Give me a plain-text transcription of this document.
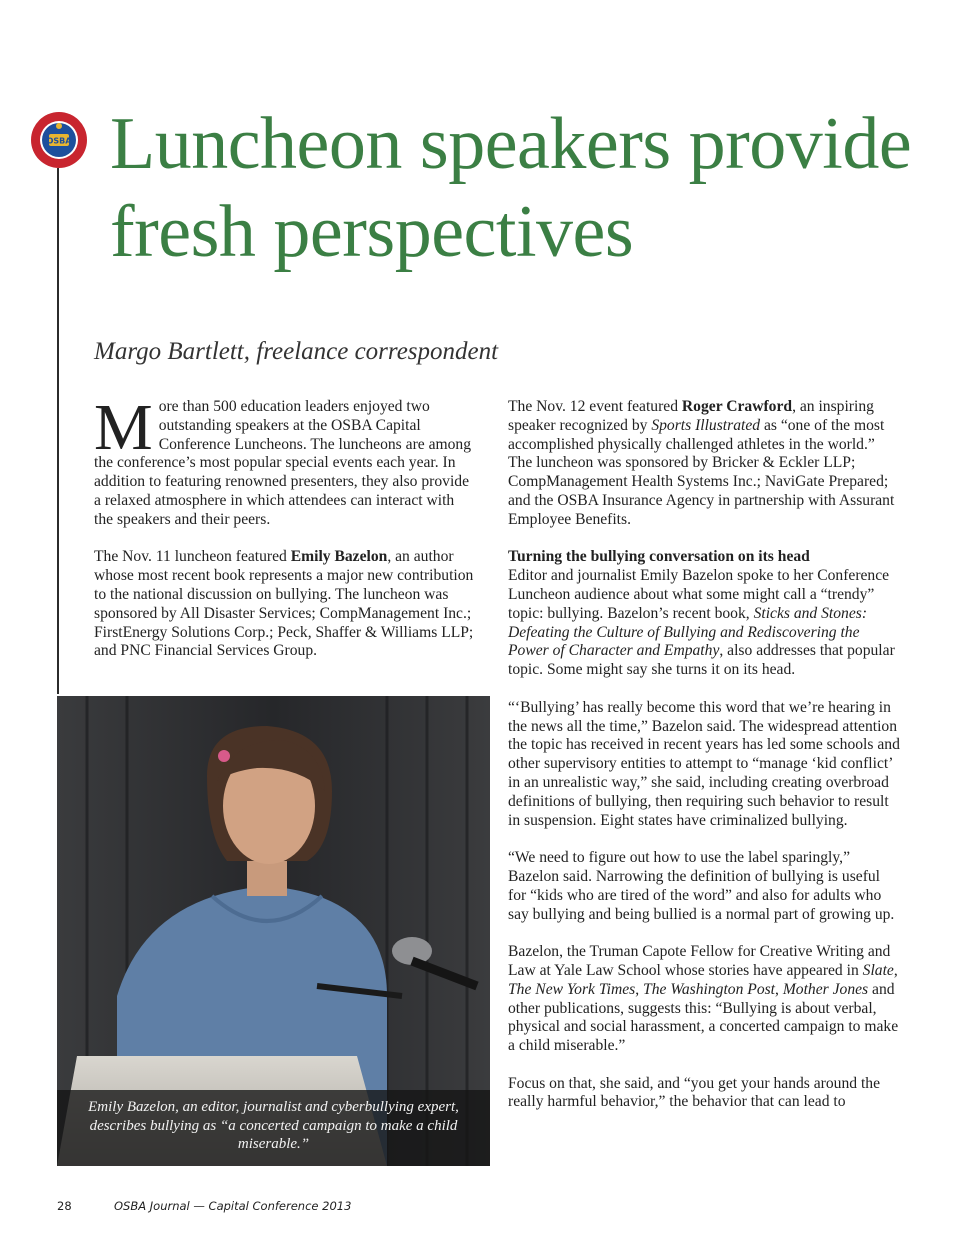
OSBA Luncheon speakers provide fresh perspectives

Margo Bartlett, freelance correspondent

More than 500 education leaders enjoyed two outstanding speakers at the OSBA Capital Conference Luncheons. The luncheons are among the conference’s most popular special events each year. In addition to featuring renowned presenters, they also provide a relaxed atmosphere in which attendees can interact with the speakers and their peers.

The Nov. 11 luncheon featured Emily Bazelon, an author whose most recent book represents a major new contribution to the national discussion on bullying. The luncheon was sponsored by All Disaster Services; CompManagement Inc.; FirstEnergy Solutions Corp.; Peck, Shaffer & Williams LLP; and PNC Financial Services Group.

Emily Bazelon, an editor, journalist and cyberbullying expert, describes bullying as “a concerted campaign to make a child miserable.”

The Nov. 12 event featured Roger Crawford, an inspiring speaker recognized by Sports Illustrated as “one of the most accomplished physically challenged athletes in the world.” The luncheon was sponsored by Bricker & Eckler LLP; CompManagement Health Systems Inc.; NaviGate Prepared; and the OSBA Insurance Agency in partnership with Assurant Employee Benefits.

Turning the bullying conversation on its head

Editor and journalist Emily Bazelon spoke to her Conference Luncheon audience about what some might call a “trendy” topic: bullying. Bazelon’s recent book, Sticks and Stones: Defeating the Culture of Bullying and Rediscovering the Power of Character and Empathy, also addresses that popular topic. Some might say she turns it on its head.

“‘Bullying’ has really become this word that we’re hearing in the news all the time,” Bazelon said. The widespread attention the topic has received in recent years has led some schools and other supervisory entities to attempt to “manage ‘kid conflict’ in an unrealistic way,” she said, including creating overbroad definitions of bullying, then requiring such behavior to result in suspension. Eight states have criminalized bullying.

“We need to figure out how to use the label sparingly,” Bazelon said. Narrowing the definition of bullying is useful for “kids who are tired of the word” and also for adults who say bullying and being bullied is a normal part of growing up.

Bazelon, the Truman Capote Fellow for Creative Writing and Law at Yale Law School whose stories have appeared in Slate, The New York Times, The Washington Post, Mother Jones and other publications, suggests this: “Bullying is about verbal, physical and social harassment, a concerted campaign to make a child miserable.”

Focus on that, she said, and “you get your hands around the really harmful behavior,” the behavior that can lead to

28	OSBA Journal — Capital Conference 2013
